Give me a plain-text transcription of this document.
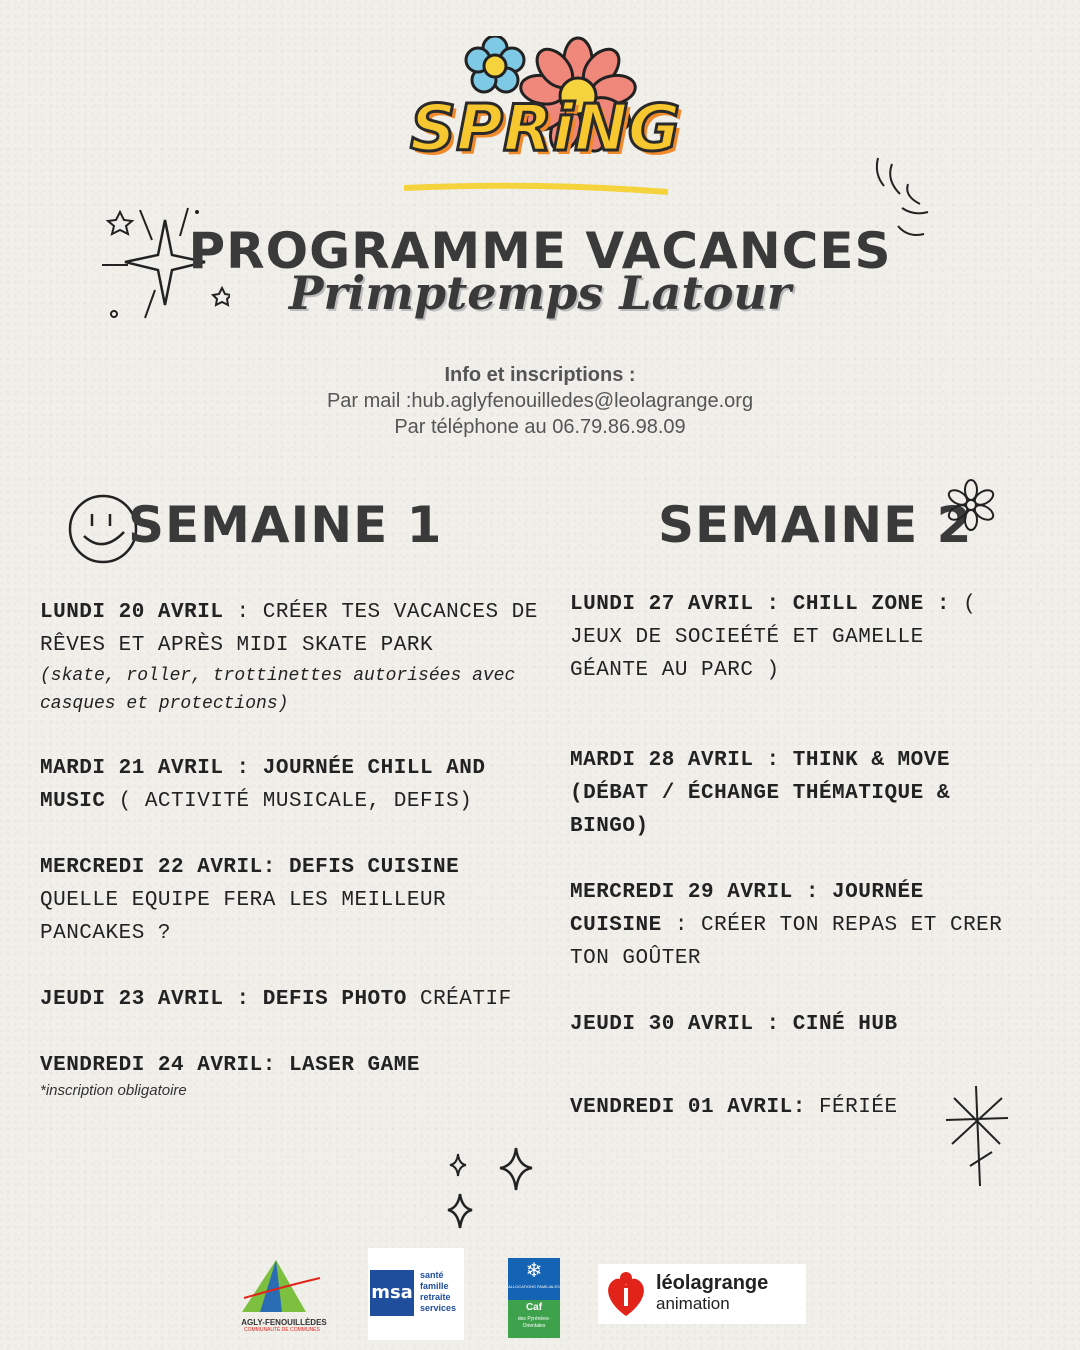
SPRiNG
PROGRAMME VACANCES
Primptemps Latour
Info et inscriptions :
Par mail :hub.aglyfenouilledes@leolagrange.org
Par téléphone au 06.79.86.98.09
SEMAINE 1
LUNDI 20 AVRIL : CRÉER TES VACANCES DE RÊVES ET APRÈS MIDI SKATE PARK
(skate, roller, trottinettes autorisées avec casques et protections)
MARDI 21 AVRIL : JOURNÉE CHILL AND MUSIC ( ACTIVITÉ MUSICALE, DEFIS)
MERCREDI 22 AVRIL: DEFIS CUISINE QUELLE EQUIPE FERA LES MEILLEUR PANCAKES ?
JEUDI 23 AVRIL : DEFIS PHOTO CRÉATIF
VENDREDI 24 AVRIL: LASER GAME
*inscription obligatoire
SEMAINE 2
LUNDI 27 AVRIL : CHILL ZONE : ( JEUX DE SOCIEÉTÉ ET GAMELLE GÉANTE AU PARC )
MARDI 28 AVRIL : THINK & MOVE (DÉBAT / ÉCHANGE THÉMATIQUE & BINGO)
MERCREDI 29 AVRIL : JOURNÉE CUISINE : CRÉER TON REPAS ET CRER TON GOÛTER
JEUDI 30 AVRIL : CINÉ HUB
VENDREDI 01 AVRIL: FÉRIÉE
AGLY-FENOUILLÈDES
COMMUNAUTÉ DE COMMUNES
msa
santé
famille
retraite
services
❄
ALLOCATIONS FAMILIALES
Caf
des Pyrénées-Orientales
léolagrange
animation
